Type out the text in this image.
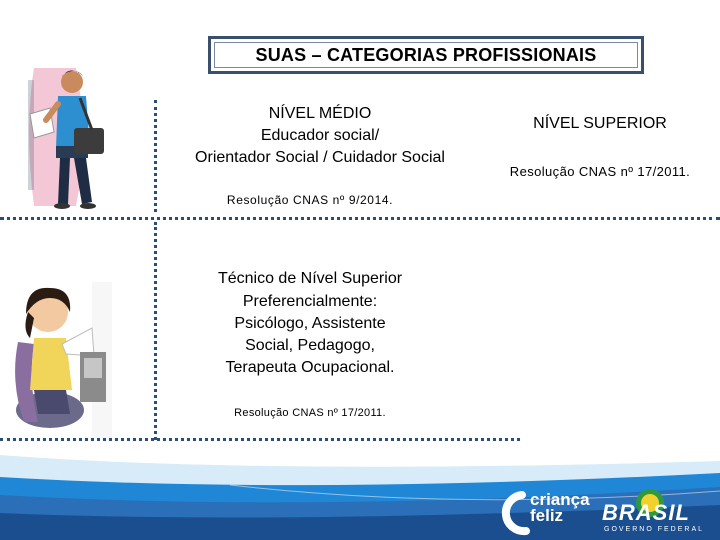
SUAS – CATEGORIAS PROFISSIONAIS
NÍVEL MÉDIO
Educador social/
Orientador Social / Cuidador Social
Resolução CNAS nº 9/2014.
NÍVEL SUPERIOR
Resolução CNAS nº 17/2011.
Técnico de Nível Superior
Preferencialmente:
Psicólogo, Assistente
Social, Pedagogo,
Terapeuta Ocupacional.
Resolução CNAS nº 17/2011.
criança
feliz	BRASIL
GOVERNO FEDERAL
